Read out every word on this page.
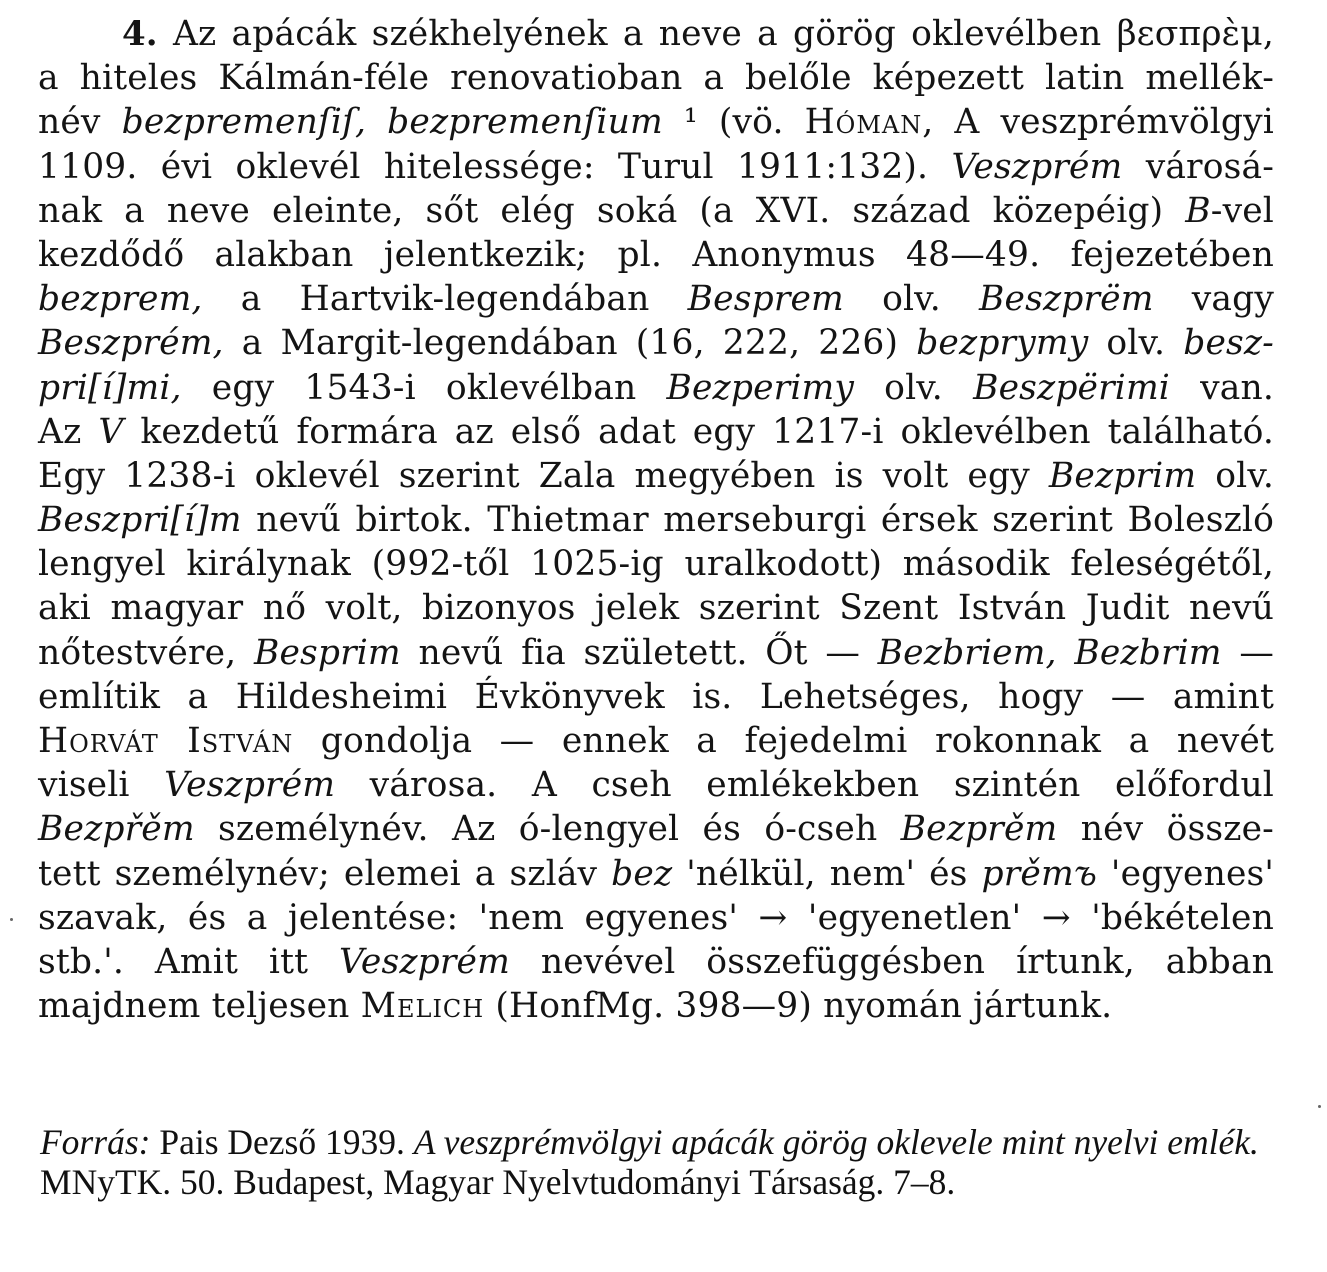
4. Az apácák székhelyének a neve a görög oklevélben βεσπρὲμ,
a hiteles Kálmán-féle renovatioban a belőle képezett latin mellék-
név bezpremenſiſ, bezpremenſium ¹ (vö. Hóman, A veszprémvölgyi
1109. évi oklevél hitelessége: Turul 1911:132). Veszprém városá-
nak a neve eleinte, sőt elég soká (a XVI. század közepéig) B-vel
kezdődő alakban jelentkezik; pl. Anonymus 48—49. fejezetében
bezprem, a Hartvik-legendában Besprem olv. Beszprëm vagy
Beszprém, a Margit-legendában (16, 222, 226) bezprymy olv. besz-
pri[í]mi, egy 1543-i oklevélban Bezperimy olv. Beszpërimi van.
Az V kezdetű formára az első adat egy 1217-i oklevélben található.
Egy 1238-i oklevél szerint Zala megyében is volt egy Bezprim olv.
Beszpri[í]m nevű birtok. Thietmar merseburgi érsek szerint Boleszló
lengyel királynak (992-től 1025-ig uralkodott) második feleségétől,
aki magyar nő volt, bizonyos jelek szerint Szent István Judit nevű
nőtestvére, Besprim nevű fia született. Őt — Bezbriem, Bezbrim —
említik a Hildesheimi Évkönyvek is. Lehetséges, hogy — amint
Horvát István gondolja — ennek a fejedelmi rokonnak a nevét
viseli Veszprém városa. A cseh emlékekben szintén előfordul
Bezpřěm személynév. Az ó-lengyel és ó-cseh Bezprěm név össze-
tett személynév; elemei a szláv bez 'nélkül, nem' és prěmъ 'egyenes'
szavak, és a jelentése: 'nem egyenes' → 'egyenetlen' → 'békételen
stb.'. Amit itt Veszprém nevével összefüggésben írtunk, abban
majdnem teljesen Melich (HonfMg. 398—9) nyomán jártunk.
Forrás: Pais Dezső 1939. A veszprémvölgyi apácák görög oklevele mint nyelvi emlék. MNyTK. 50. Budapest, Magyar Nyelvtudományi Társaság. 7–8.
